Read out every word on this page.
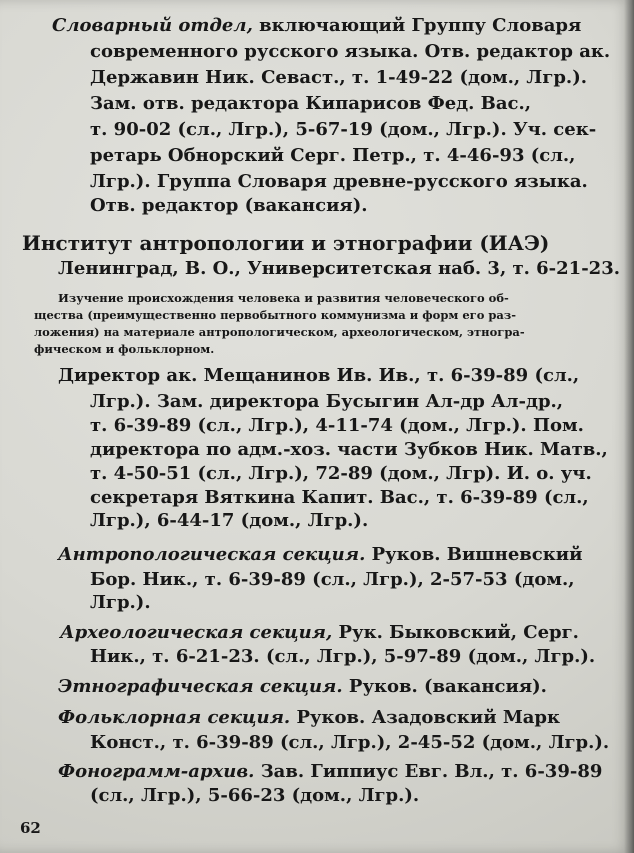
Словарный отдел, включающий Группу Словаря
современного русского языка. Отв. редактор ак.
Державин Ник. Севаст., т. 1-49-22 (дом., Лгр.).
Зам. отв. редактора Кипарисов Фед. Вас.,
т. 90-02 (сл., Лгр.), 5-67-19 (дом., Лгр.). Уч. сек-
ретарь Обнорский Серг. Петр., т. 4-46-93 (сл.,
Лгр.). Группа Словаря древне-русского языка.
Отв. редактор (вакансия).
Институт антропологии и этнографии (ИАЭ)
Ленинград, В. О., Университетская наб. 3, т. 6-21-23.
Изучение происхождения человека и развития человеческого об-
щества (преимущественно первобытного коммунизма и форм его раз-
ложения) на материале антропологическом, археологическом, этногра-
фическом и фольклорном.
Директор ак. Мещанинов Ив. Ив., т. 6-39-89 (сл.,
Лгр.). Зам. директора Бусыгин Ал-др Ал-др.,
т. 6-39-89 (сл., Лгр.), 4-11-74 (дом., Лгр.). Пом.
директора по адм.-хоз. части Зубков Ник. Матв.,
т. 4-50-51 (сл., Лгр.), 72-89 (дом., Лгр). И. о. уч.
секретаря Вяткина Капит. Вас., т. 6-39-89 (сл.,
Лгр.), 6-44-17 (дом., Лгр.).
Антропологическая секция. Руков. Вишневский
Бор. Ник., т. 6-39-89 (сл., Лгр.), 2-57-53 (дом.,
Лгр.).
Археологическая секция, Рук. Быковский, Серг.
Ник., т. 6-21-23. (сл., Лгр.), 5-97-89 (дом., Лгр.).
Этнографическая секция. Руков. (вакансия).
Фольклорная секция. Руков. Азадовский Марк
Конст., т. 6-39-89 (сл., Лгр.), 2-45-52 (дом., Лгр.).
Фонограмм-архив. Зав. Гиппиус Евг. Вл., т. 6-39-89
(сл., Лгр.), 5-66-23 (дом., Лгр.).
62
